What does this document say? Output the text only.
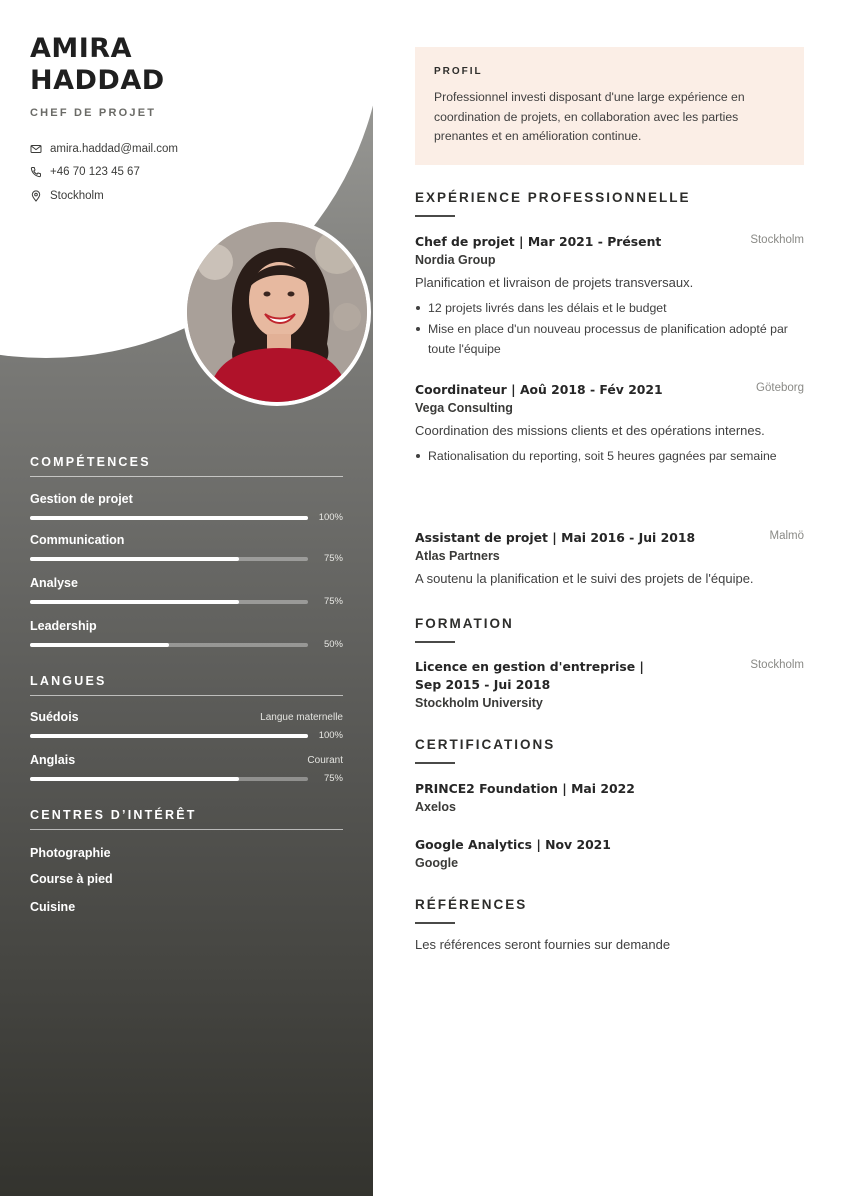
AMIRA
HADDAD
CHEF DE PROJET
amira.haddad@mail.com
+46 70 123 45 67
Stockholm
COMPÉTENCES
Gestion de projet
100%
Communication
75%
Analyse
75%
Leadership
50%
LANGUES
Suédois	Langue maternelle
100%
Anglais	Courant
75%
CENTRES D’INTÉRÊT
Photographie
Course à pied
Cuisine
PROFIL
Professionnel investi disposant d'une large expérience en coordination de projets, en collaboration avec les parties prenantes et en amélioration continue.
EXPÉRIENCE PROFESSIONNELLE
Chef de projet | Mar 2021 - Présent	Stockholm
Nordia Group
Planification et livraison de projets transversaux.
12 projets livrés dans les délais et le budget
Mise en place d'un nouveau processus de planification adopté par toute l'équipe
Coordinateur | Aoû 2018 - Fév 2021	Göteborg
Vega Consulting
Coordination des missions clients et des opérations internes.
Rationalisation du reporting, soit 5 heures gagnées par semaine
Assistant de projet | Mai 2016 - Jui 2018	Malmö
Atlas Partners
A soutenu la planification et le suivi des projets de l'équipe.
FORMATION
Licence en gestion d'entreprise |
Sep 2015 - Jui 2018
Stockholm
Stockholm University
CERTIFICATIONS
PRINCE2 Foundation | Mai 2022
Axelos
Google Analytics | Nov 2021
Google
RÉFÉRENCES
Les références seront fournies sur demande
